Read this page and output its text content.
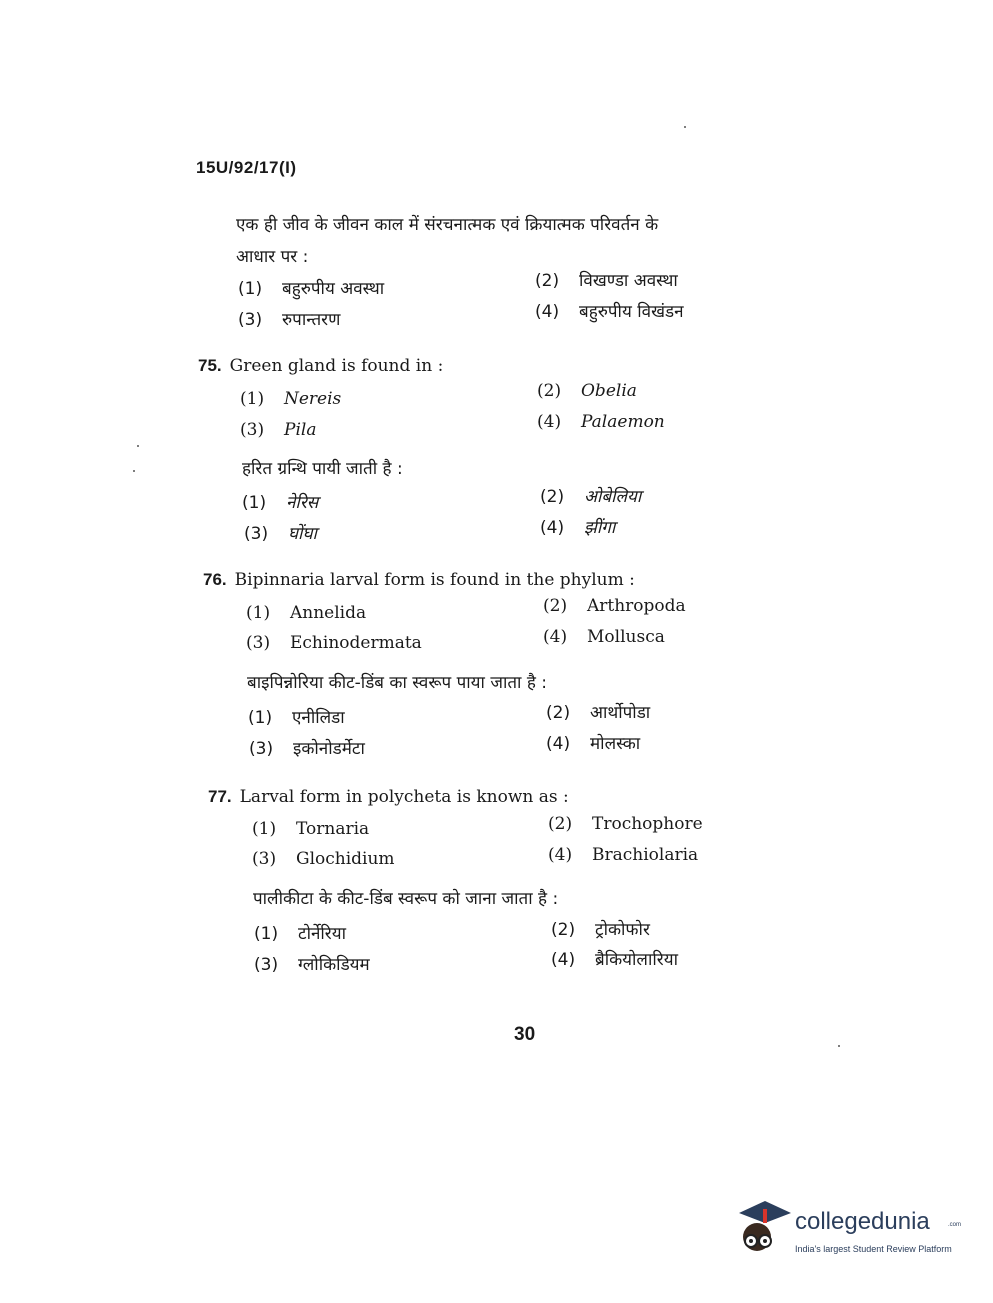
15U/92/17(I)
एक ही जीव के जीवन काल में संरचनात्मक एवं क्रियात्मक परिवर्तन के
आधार पर :
(1) बहुरुपीय अवस्था	(2) विखण्डा अवस्था
(3) रुपान्तरण	(4) बहुरुपीय विखंडन
75. Green gland is found in :
(1) Nereis	(2) Obelia
(3) Pila	(4) Palaemon
हरित ग्रन्थि पायी जाती है :
(1) नेरिस	(2) ओबेलिया
(3) घोंघा	(4) झींगा
76. Bipinnaria larval form is found in the phylum :
(1) Annelida	(2) Arthropoda
(3) Echinodermata	(4) Mollusca
बाइपिन्नोरिया कीट-डिंब का स्वरूप पाया जाता है :
(1) एनीलिडा	(2) आर्थोपोडा
(3) इकोनोडर्मेटा	(4) मोलस्का
77. Larval form in polycheta is known as :
(1) Tornaria	(2) Trochophore
(3) Glochidium	(4) Brachiolaria
पालीकीटा के कीट-डिंब स्वरूप को जाना जाता है :
(1) टोर्नेरिया	(2) ट्रोकोफोर
(3) ग्लोकिडियम	(4) ब्रैकियोलारिया
30
collegedunia	.com
India's largest Student Review Platform
